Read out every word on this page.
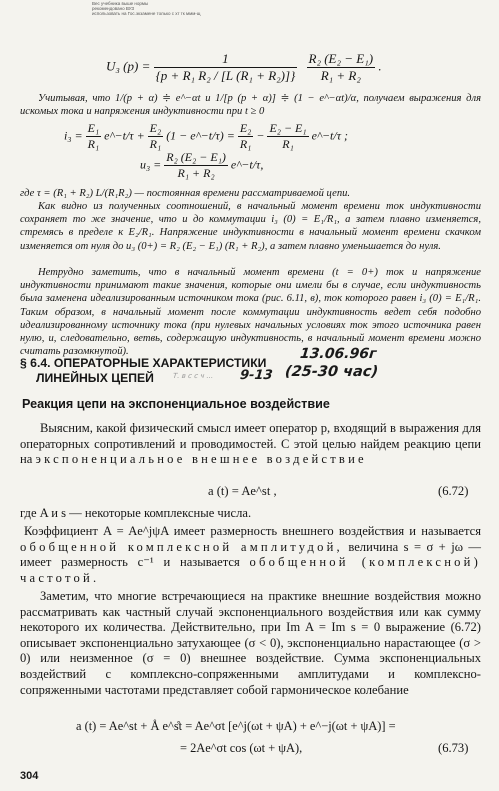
Вес учебника выше нормы
рекомендовано ВУЗ
использовать на Гос.экзамене только с хт тк ммм-щ
U₃ $(p) = \frac{1}{\text{\{p + R₁ R₂ / [L (R₁ + R₂)]\}}}$
$\frac{\text{R₂ (E₂ − E₁)}}{\text{R₁ + R₂}}$ .
Учитывая, что 1/(p + α) ≑ e^−αt и 1/[p (p + α)] ≑ (1 − e^−αt)/α, получаем выражения для искомых тока и напряжения индуктивности при t ≥ 0
$i_3 = \frac{\text{E₁}}{\text{R₁}}$ e^−t/τ + $\frac{\text{E₂}}{\text{R₁}} (1$ − e^−t/τ) = $\frac{\text{E₂}}{\text{R₁}} - \frac{\text{E₂ − E₁}}{\text{R₁}}$ e^−t/τ ;
$u_3 = \frac{\text{R₂ (E₂ − E₁)}}{\text{R₁ + R₂}}$ e^−t/τ,
где τ = (R₁ + R₂) L/(R₁R₂) — постоянная времени рассматриваемой цепи.
Как видно из полученных соотношений, в начальный момент времени ток индуктивности сохраняет то же значение, что и до коммутации i₃ (0) = E₁/R₁, а затем плавно изменяется, стремясь в пределе к E₂/R₁. Напряжение индуктивности в начальный момент времени скачком изменяется от нуля до u₃ (0+) = R₂ (E₂ − E₁) (R₁ + R₂), а затем плавно уменьшается до нуля.
Нетрудно заметить, что в начальный момент времени (t = 0+) ток и напряжение индуктивности принимают такие значения, которые они имели бы в случае, если индуктивность была заменена идеализированным источником тока (рис. 6.11, в), ток которого равен i₃ (0) = E₁/R₁. Таким образом, в начальный момент после коммутации индуктивность ведет себя подобно идеализированному источнику тока (при нулевых начальных условиях ток этого источника равен нулю, и, следовательно, ветвь, содержащую индуктивность, в начальный момент времени можно считать разомкнутой).
§ 6.4. ОПЕРАТОРНЫЕ ХАРАКТЕРИСТИКИ
ЛИНЕЙНЫХ ЦЕПЕЙ
13.06.96г
Т. в с с ч ... 9-13 (25-30 час)
Реакция цепи на экспоненциальное воздействие
Выясним, какой физический смысл имеет оператор p, входящий в выражения для операторных сопротивлений и проводимостей. С этой целью найдем реакцию цепи на экспоненциальное внешнее воздействие
a (t) = Ae^st ,	(6.72)
где A и s — некоторые комплексные числа.
Коэффициент A = Ae^jψA имеет размерность внешнего воздействия и называется обобщенной комплексной амплитудой, величина s = σ + jω — имеет размерность c⁻¹ и называется обобщенной (комплексной) частотой.
Заметим, что многие встречающиеся на практике внешние воздействия можно рассматривать как частный случай экспоненциального воздействия или как сумму некоторого их количества. Действительно, при Im A = Im s = 0 выражение (6.72) описывает экспоненциально затухающее (σ < 0), экспоненциально нарастающее (σ > 0) или неизменное (σ = 0) внешнее воздействие. Сумма экспоненциальных воздействий с комплексно-сопряженными амплитудами и комплексно-сопряженными частотами представляет собой гармоническое колебание
a (t) = Ae^st + Å e^s̊t = Ae^σt [e^j(ωt + ψA) + e^−j(ωt + ψA)] =
= 2Ae^σt cos (ωt + ψA),	(6.73)
304
